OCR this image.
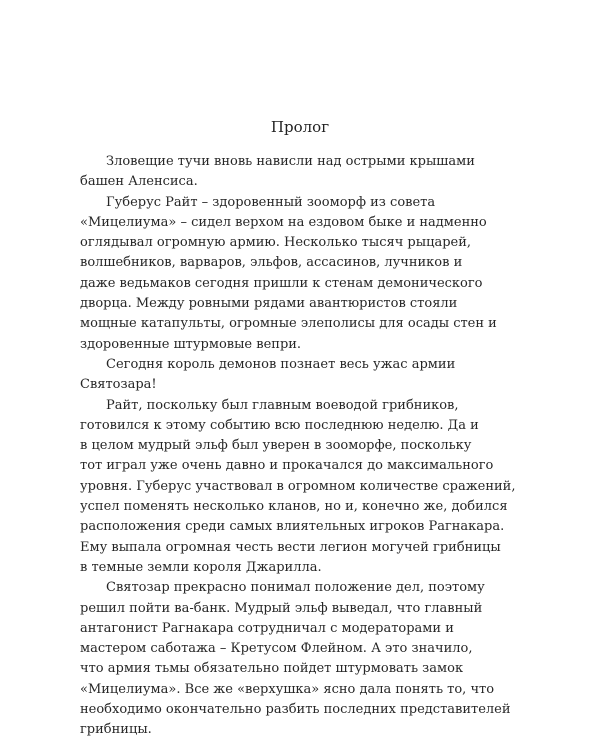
Пролог

Зловещие тучи вновь нависли над острыми крышами
башен Аленсиса.

Губерус Райт – здоровенный зооморф из совета
«Мицелиума» – сидел верхом на ездовом быке и надменно
оглядывал огромную армию. Несколько тысяч рыцарей,
волшебников, варваров, эльфов, ассасинов, лучников и
даже ведьмаков сегодня пришли к стенам демонического
дворца. Между ровными рядами авантюристов стояли
мощные катапульты, огромные элеполисы для осады стен и
здоровенные штурмовые вепри.

Сегодня король демонов познает весь ужас армии
Святозара!

Райт, поскольку был главным воеводой грибников,
готовился к этому событию всю последнюю неделю. Да и
в целом мудрый эльф был уверен в зооморфе, поскольку
тот играл уже очень давно и прокачался до максимального
уровня. Губерус участвовал в огромном количестве сражений,
успел поменять несколько кланов, но и, конечно же, добился
расположения среди самых влиятельных игроков Рагнакара.
Ему выпала огромная честь вести легион могучей грибницы
в темные земли короля Джарилла.

Святозар прекрасно понимал положение дел, поэтому
решил пойти ва-банк. Мудрый эльф выведал, что главный
антагонист Рагнакара сотрудничал с модераторами и
мастером саботажа – Кретусом Флейном. А это значило,
что армия тьмы обязательно пойдет штурмовать замок
«Мицелиума». Все же «верхушка» ясно дала понять то, что
необходимо окончательно разбить последних представителей
грибницы.
